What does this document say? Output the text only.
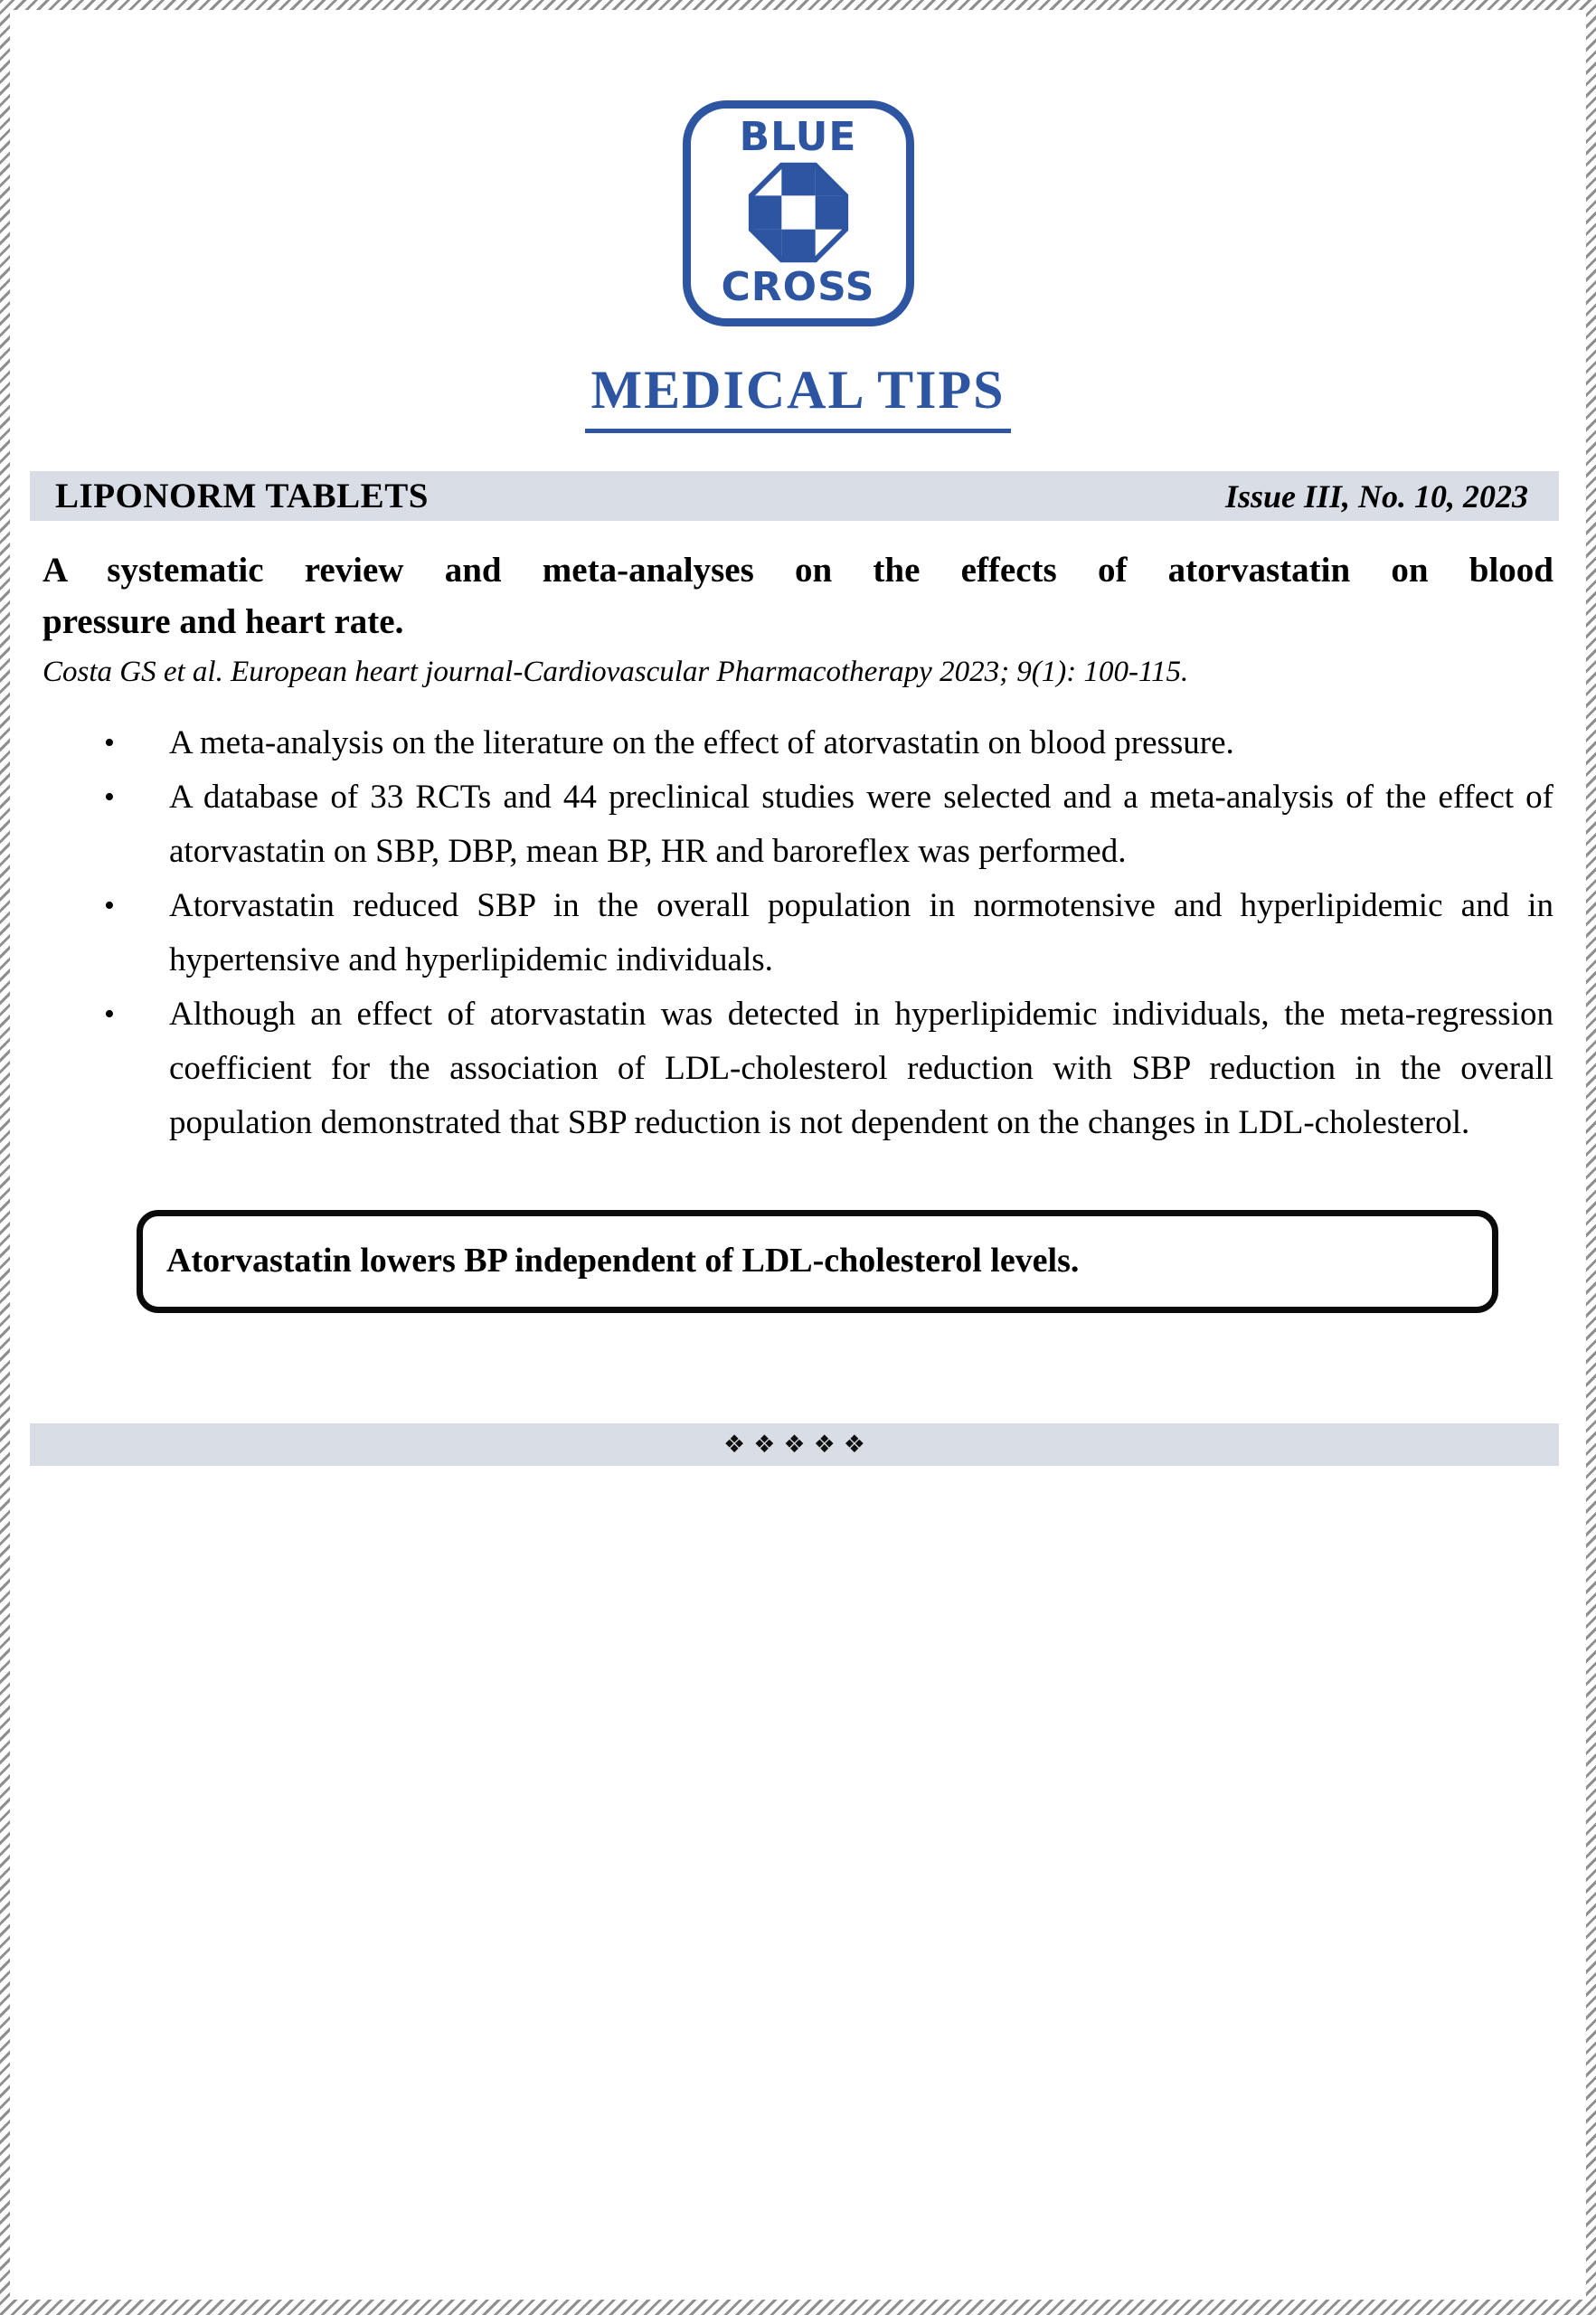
BLUE
CROSS
MEDICAL TIPS
LIPONORM TABLETS	Issue III, No. 10, 2023
A systematic review and meta-analyses on the effects of atorvastatin on blood
pressure and heart rate.

Costa GS et al. European heart journal-Cardiovascular Pharmacotherapy 2023; 9(1): 100-115.

• A meta-analysis on the literature on the effect of atorvastatin on blood pressure.
• A database of 33 RCTs and 44 preclinical studies were selected and a meta-analysis of the effect of atorvastatin on SBP, DBP, mean BP, HR and baroreflex was performed.
• Atorvastatin reduced SBP in the overall population in normotensive and hyperlipidemic and in hypertensive and hyperlipidemic individuals.
• Although an effect of atorvastatin was detected in hyperlipidemic individuals, the meta-regression coefficient for the association of LDL-cholesterol reduction with SBP reduction in the overall population demonstrated that SBP reduction is not dependent on the changes in LDL-cholesterol.

Atorvastatin lowers BP independent of LDL-cholesterol levels.

❖❖❖❖❖
